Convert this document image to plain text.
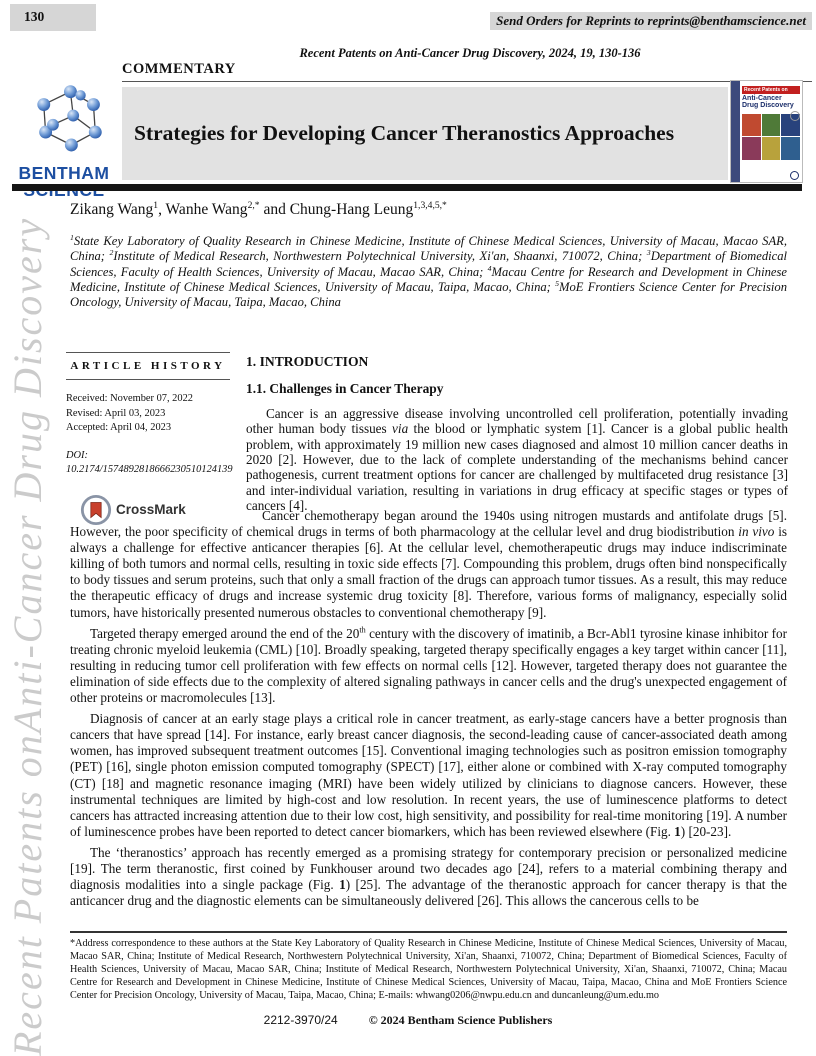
Recent Patents onAnti-Cancer Drug Discovery
130	Send Orders for Reprints to reprints@benthamscience.net
Recent Patents on Anti-Cancer Drug Discovery, 2024, 19, 130-136
COMMENTARY
BENTHAM
Strategies for Developing Cancer Theranostics Approaches
Recent Patents on
Anti-Cancer
Drug Discovery
Zikang Wang$^1$, Wanhe Wang$^{2,*}$ and Chung-Hang Leung$^{1,3,4,5,*}$
$^1$State Key Laboratory of Quality Research in Chinese Medicine, Institute of Chinese Medical Sciences, University of Macau, Macao SAR, China; $^2$Institute of Medical Research, Northwestern Polytechnical University, Xi'an, Shaanxi, 710072, China; $^3$Department of Biomedical Sciences, Faculty of Health Sciences, University of Macau, Macao SAR, China; $^4$Macau Centre for Research and Development in Chinese Medicine, Institute of Chinese Medical Sciences, University of Macau, Taipa, Macao, China; $^5$MoE Frontiers Science Center for Precision Oncology, University of Macau, Taipa, Macao, China
ARTICLE HISTORY
Received: November 07, 2022
Revised: April 03, 2023
Accepted: April 04, 2023
DOI:
10.2174/1574892818666230510124139
CrossMark
1. INTRODUCTION
1.1. Challenges in Cancer Therapy

Cancer is an aggressive disease involving uncontrolled cell proliferation, potentially invading other human body tissues via the blood or lymphatic system [1]. Cancer is a global public health problem, with approximately 19 million new cases diagnosed and almost 10 million cancer deaths in 2020 [2]. However, due to the lack of complete understanding of the mechanisms behind cancer pathogenesis, current treatment options for cancer are challenged by multifaceted drug resistance [3] and inter-individual variation, resulting in variations in drug efficacy at specific stages or types of cancers [4].

Cancer chemotherapy began around the 1940s using nitrogen mustards and antifolate drugs [5]. However, the poor specificity of chemical drugs in terms of both pharmacology at the cellular level and drug biodistribution in vivo is always a challenge for effective anticancer therapies [6]. At the cellular level, chemotherapeutic drugs may induce indiscriminate killing of both tumors and normal cells, resulting in toxic side effects [7]. Compounding this problem, drugs often bind nonspecifically to body tissues and serum proteins, such that only a small fraction of the drugs can approach tumor tissues. As a result, this may reduce the therapeutic efficacy of drugs and increase systemic drug toxicity [8]. Therefore, various forms of malignancy, especially solid tumors, have historically presented numerous obstacles to conventional chemotherapy [9].

Targeted therapy emerged around the end of the 20th century with the discovery of imatinib, a Bcr-Abl1 tyrosine kinase inhibitor for treating chronic myeloid leukemia (CML) [10]. Broadly speaking, targeted therapy specifically engages a key target within cancer [11], resulting in reducing tumor cell proliferation with few effects on normal cells [12]. However, targeted therapy does not guarantee the elimination of side effects due to the complexity of altered signaling pathways in cancer cells and the drug's unexpected engagement of other proteins or macromolecules [13].

Diagnosis of cancer at an early stage plays a critical role in cancer treatment, as early-stage cancers have a better prognosis than cancers that have spread [14]. For instance, early breast cancer diagnosis, the second-leading cause of cancer-associated death among women, has improved subsequent treatment outcomes [15]. Conventional imaging technologies such as positron emission tomography (PET) [16], single photon emission computed tomography (SPECT) [17], either alone or combined with X-ray computed tomography (CT) [18] and magnetic resonance imaging (MRI) have been widely utilized by clinicians to diagnose cancers. However, these instrumental techniques are limited by high-cost and low resolution. In recent years, the use of luminescence platforms to detect cancers has attracted increasing attention due to their low cost, high sensitivity, and possibility for real-time monitoring [19]. A number of luminescence probes have been reported to detect cancer biomarkers, which has been reviewed elsewhere (Fig. 1) [20-23].

The ‘theranostics’ approach has recently emerged as a promising strategy for contemporary precision or personalized medicine [19]. The term theranostic, first coined by Funkhouser around two decades ago [24], refers to a material combining therapy and diagnosis modalities into a single package (Fig. 1) [25]. The advantage of the theranostic approach for cancer therapy is that the anticancer drug and the diagnostic elements can be simultaneously delivered [26]. This allows the cancerous cells to be

*Address correspondence to these authors at the State Key Laboratory of Quality Research in Chinese Medicine, Institute of Chinese Medical Sciences, University of Macau, Macao SAR, China; Institute of Medical Research, Northwestern Polytechnical University, Xi'an, Shaanxi, 710072, China; Department of Biomedical Sciences, Faculty of Health Sciences, University of Macau, Macao SAR, China; Institute of Medical Research, Northwestern Polytechnical University, Xi'an, Shaanxi, 710072, China; Macau Centre for Research and Development in Chinese Medicine, Institute of Chinese Medical Sciences, University of Macau, Taipa, Macao, China and MoE Frontiers Science Center for Precision Oncology, University of Macau, Taipa, Macao, China; E-mails: whwang0206@nwpu.edu.cn and duncanleung@um.edu.mo
2212-3970/24	© 2024 Bentham Science Publishers
